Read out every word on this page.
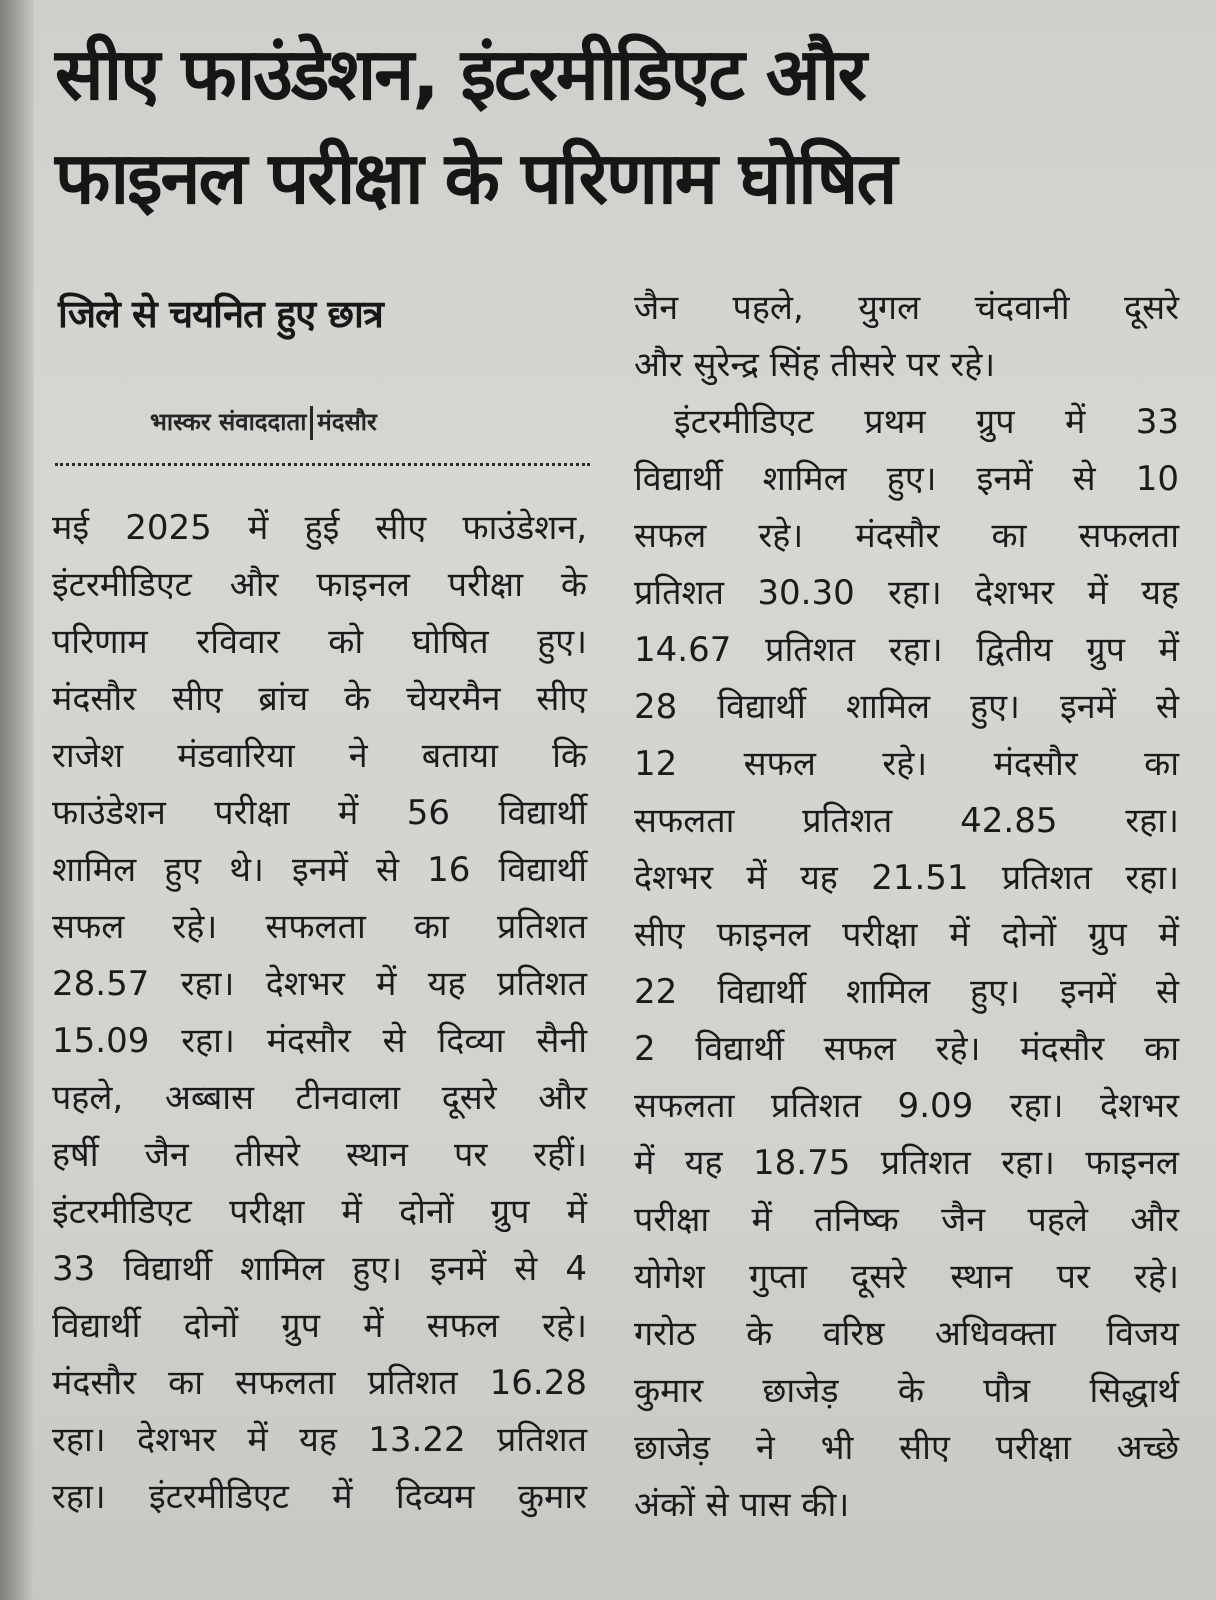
सीए फाउंडेशन, इंटरमीडिएट और
फाइनल परीक्षा के परिणाम घोषित
जिले से चयनित हुए छात्र
भास्कर संवाददाता मंदसौर

मई 2025 में हुई सीए फाउंडेशन,

इंटरमीडिएट और फाइनल परीक्षा के

परिणाम रविवार को घोषित हुए।

मंदसौर सीए ब्रांच के चेयरमैन सीए

राजेश मंडवारिया ने बताया कि

फाउंडेशन परीक्षा में 56 विद्यार्थी

शामिल हुए थे। इनमें से 16 विद्यार्थी

सफल रहे। सफलता का प्रतिशत

28.57 रहा। देशभर में यह प्रतिशत

15.09 रहा। मंदसौर से दिव्या सैनी

पहले, अब्बास टीनवाला दूसरे और

हर्षी जैन तीसरे स्थान पर रहीं।

इंटरमीडिएट परीक्षा में दोनों ग्रुप में

33 विद्यार्थी शामिल हुए। इनमें से 4

विद्यार्थी दोनों ग्रुप में सफल रहे।

मंदसौर का सफलता प्रतिशत 16.28

रहा। देशभर में यह 13.22 प्रतिशत

रहा। इंटरमीडिएट में दिव्यम कुमार

जैन पहले, युगल चंदवानी दूसरे

और सुरेन्द्र सिंह तीसरे पर रहे।

इंटरमीडिएट प्रथम ग्रुप में 33

विद्यार्थी शामिल हुए। इनमें से 10

सफल रहे। मंदसौर का सफलता

प्रतिशत 30.30 रहा। देशभर में यह

14.67 प्रतिशत रहा। द्वितीय ग्रुप में

28 विद्यार्थी शामिल हुए। इनमें से

12 सफल रहे। मंदसौर का

सफलता प्रतिशत 42.85 रहा।

देशभर में यह 21.51 प्रतिशत रहा।

सीए फाइनल परीक्षा में दोनों ग्रुप में

22 विद्यार्थी शामिल हुए। इनमें से

2 विद्यार्थी सफल रहे। मंदसौर का

सफलता प्रतिशत 9.09 रहा। देशभर

में यह 18.75 प्रतिशत रहा। फाइनल

परीक्षा में तनिष्क जैन पहले और

योगेश गुप्ता दूसरे स्थान पर रहे।

गरोठ के वरिष्ठ अधिवक्ता विजय

कुमार छाजेड़ के पौत्र सिद्धार्थ

छाजेड़ ने भी सीए परीक्षा अच्छे

अंकों से पास की।
